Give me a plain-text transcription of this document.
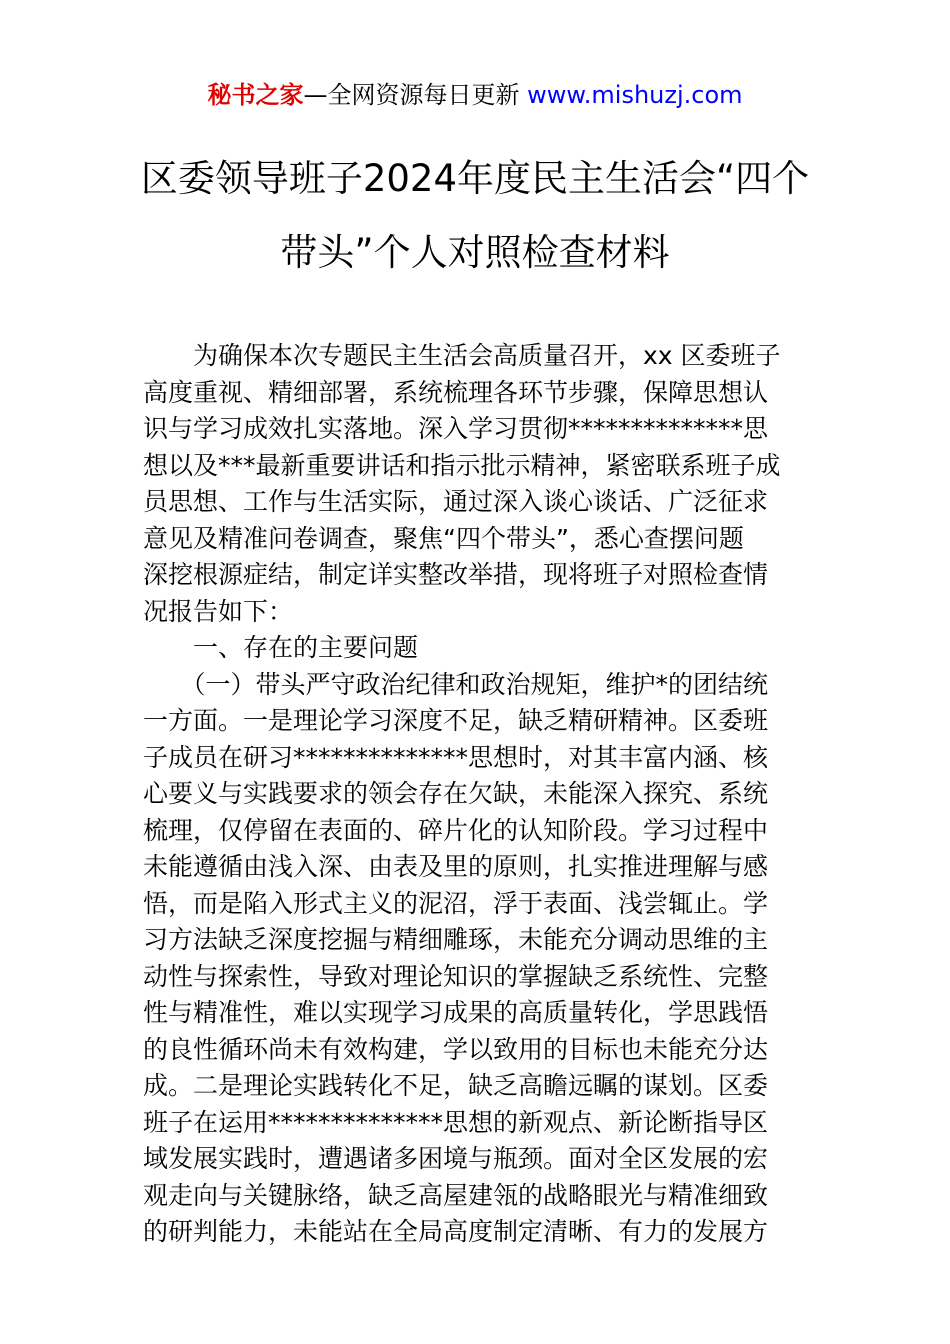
秘书之家—全网资源每日更新 www.mishuzj.com
区委领导班子2024年度民主生活会“四个
带头”个人对照检查材料
　　为确保本次专题民主生活会高质量召开，xx 区委班子
高度重视、精细部署，系统梳理各环节步骤，保障思想认
识与学习成效扎实落地。深入学习贯彻**************思
想以及***最新重要讲话和指示批示精神，紧密联系班子成
员思想、工作与生活实际，通过深入谈心谈话、广泛征求
意见及精准问卷调查，聚焦“四个带头”，悉心查摆问题
深挖根源症结，制定详实整改举措，现将班子对照检查情
况报告如下：
　　一、存在的主要问题
　　（一）带头严守政治纪律和政治规矩，维护*的团结统
一方面。一是理论学习深度不足，缺乏精研精神。区委班
子成员在研习**************思想时，对其丰富内涵、核
心要义与实践要求的领会存在欠缺，未能深入探究、系统
梳理，仅停留在表面的、碎片化的认知阶段。学习过程中
未能遵循由浅入深、由表及里的原则，扎实推进理解与感
悟，而是陷入形式主义的泥沼，浮于表面、浅尝辄止。学
习方法缺乏深度挖掘与精细雕琢，未能充分调动思维的主
动性与探索性，导致对理论知识的掌握缺乏系统性、完整
性与精准性，难以实现学习成果的高质量转化，学思践悟
的良性循环尚未有效构建，学以致用的目标也未能充分达
成。二是理论实践转化不足，缺乏高瞻远瞩的谋划。区委
班子在运用**************思想的新观点、新论断指导区
域发展实践时，遭遇诸多困境与瓶颈。面对全区发展的宏
观走向与关键脉络，缺乏高屋建瓴的战略眼光与精准细致
的研判能力，未能站在全局高度制定清晰、有力的发展方
